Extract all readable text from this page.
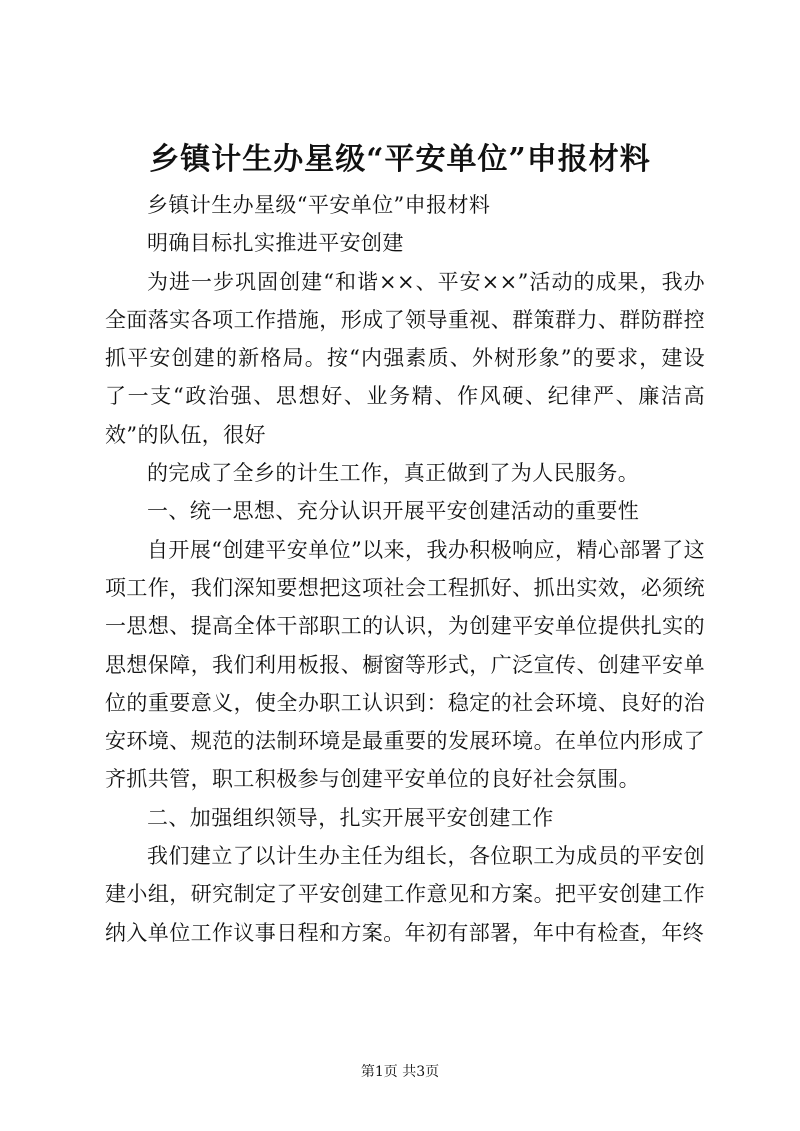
乡镇计生办星级“平安单位”申报材料

乡镇计生办星级“平安单位”申报材料

明确目标扎实推进平安创建

为进一步巩固创建“和谐××、平安××”活动的成果，我办全面落实各项工作措施，形成了领导重视、群策群力、群防群控抓平安创建的新格局。按“内强素质、外树形象”的要求，建设了一支“政治强、思想好、业务精、作风硬、纪律严、廉洁高效”的队伍，很好

的完成了全乡的计生工作，真正做到了为人民服务。

一、统一思想、充分认识开展平安创建活动的重要性

自开展“创建平安单位”以来，我办积极响应，精心部署了这项工作，我们深知要想把这项社会工程抓好、抓出实效，必须统一思想、提高全体干部职工的认识，为创建平安单位提供扎实的思想保障，我们利用板报、橱窗等形式，广泛宣传、创建平安单位的重要意义，使全办职工认识到：稳定的社会环境、良好的治安环境、规范的法制环境是最重要的发展环境。在单位内形成了齐抓共管，职工积极参与创建平安单位的良好社会氛围。

二、加强组织领导，扎实开展平安创建工作

我们建立了以计生办主任为组长，各位职工为成员的平安创建小组，研究制定了平安创建工作意见和方案。把平安创建工作纳入单位工作议事日程和方案。年初有部署，年中有检查，年终

第1页 共3页
